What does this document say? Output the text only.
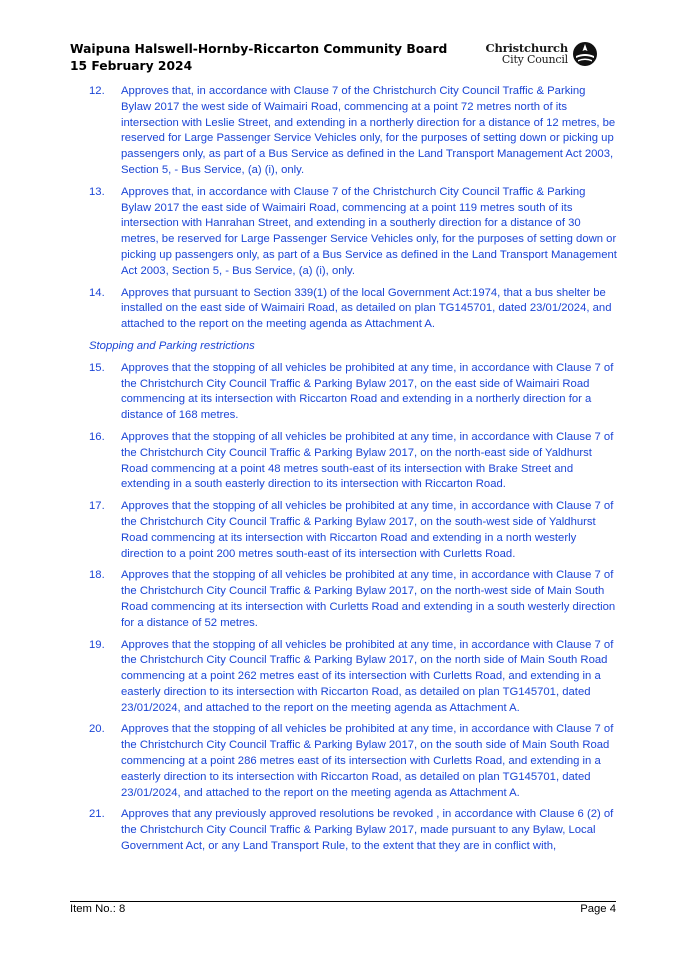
Waipuna Halswell-Hornby-Riccarton Community Board
15 February 2024
Christchurch
City Council
12. Approves that, in accordance with Clause 7 of the Christchurch City Council Traffic & Parking Bylaw 2017 the west side of Waimairi Road, commencing at a point 72 metres north of its intersection with Leslie Street, and extending in a northerly direction for a distance of 12 metres, be reserved for Large Passenger Service Vehicles only, for the purposes of setting down or picking up passengers only, as part of a Bus Service as defined in the Land Transport Management Act 2003, Section 5, - Bus Service, (a) (i), only.
13. Approves that, in accordance with Clause 7 of the Christchurch City Council Traffic & Parking Bylaw 2017 the east side of Waimairi Road, commencing at a point 119 metres south of its intersection with Hanrahan Street, and extending in a southerly direction for a distance of 30 metres, be reserved for Large Passenger Service Vehicles only, for the purposes of setting down or picking up passengers only, as part of a Bus Service as defined in the Land Transport Management Act 2003, Section 5, - Bus Service, (a) (i), only.
14. Approves that pursuant to Section 339(1) of the local Government Act:1974, that a bus shelter be installed on the east side of Waimairi Road, as detailed on plan TG145701, dated 23/01/2024, and attached to the report on the meeting agenda as Attachment A.
Stopping and Parking restrictions
15. Approves that the stopping of all vehicles be prohibited at any time, in accordance with Clause 7 of the Christchurch City Council Traffic & Parking Bylaw 2017, on the east side of Waimairi Road commencing at its intersection with Riccarton Road and extending in a northerly direction for a distance of 168 metres.
16. Approves that the stopping of all vehicles be prohibited at any time, in accordance with Clause 7 of the Christchurch City Council Traffic & Parking Bylaw 2017, on the north-east side of Yaldhurst Road commencing at a point 48 metres south-east of its intersection with Brake Street and extending in a south easterly direction to its intersection with Riccarton Road.
17. Approves that the stopping of all vehicles be prohibited at any time, in accordance with Clause 7 of the Christchurch City Council Traffic & Parking Bylaw 2017, on the south-west side of Yaldhurst Road commencing at its intersection with Riccarton Road and extending in a north westerly direction to a point 200 metres south-east of its intersection with Curletts Road.
18. Approves that the stopping of all vehicles be prohibited at any time, in accordance with Clause 7 of the Christchurch City Council Traffic & Parking Bylaw 2017, on the north-west side of Main South Road commencing at its intersection with Curletts Road and extending in a south westerly direction for a distance of 52 metres.
19. Approves that the stopping of all vehicles be prohibited at any time, in accordance with Clause 7 of the Christchurch City Council Traffic & Parking Bylaw 2017, on the north side of Main South Road commencing at a point 262 metres east of its intersection with Curletts Road, and extending in a easterly direction to its intersection with Riccarton Road, as detailed on plan TG145701, dated 23/01/2024, and attached to the report on the meeting agenda as Attachment A.
20. Approves that the stopping of all vehicles be prohibited at any time, in accordance with Clause 7 of the Christchurch City Council Traffic & Parking Bylaw 2017, on the south side of Main South Road commencing at a point 286 metres east of its intersection with Curletts Road, and extending in a easterly direction to its intersection with Riccarton Road, as detailed on plan TG145701, dated 23/01/2024, and attached to the report on the meeting agenda as Attachment A.
21. Approves that any previously approved resolutions be revoked , in accordance with Clause 6 (2) of the Christchurch City Council Traffic & Parking Bylaw 2017, made pursuant to any Bylaw, Local Government Act, or any Land Transport Rule, to the extent that they are in conflict with,
Item No.: 8	Page 4
